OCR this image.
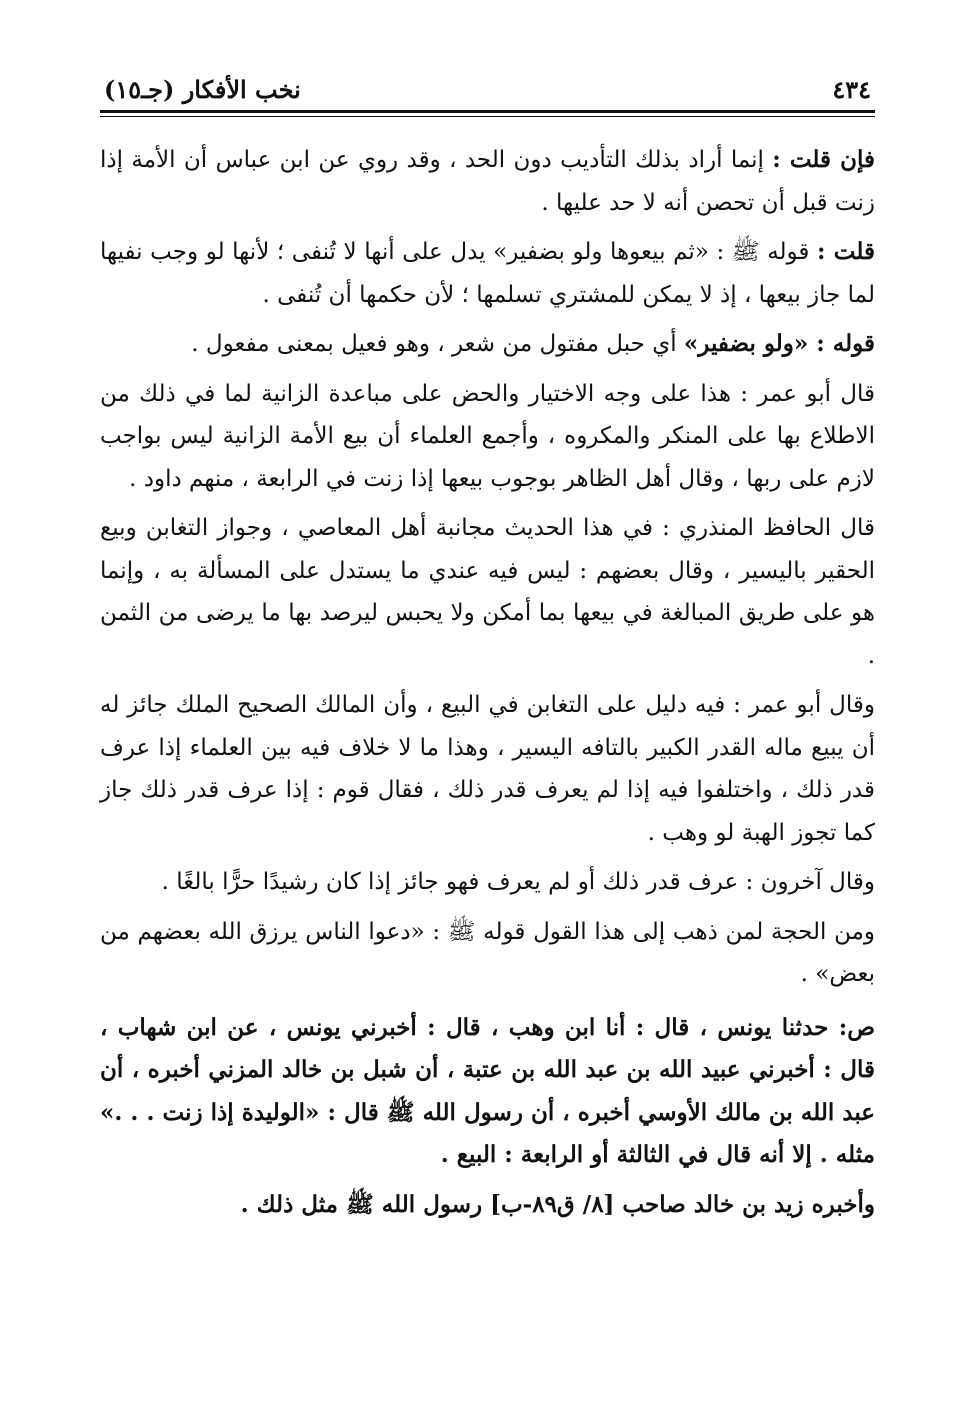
٤٣٤
نخب الأفكار (جـ١٥)

فإن قلت : إنما أراد بذلك التأديب دون الحد ، وقد روي عن ابن عباس أن الأمة إذا زنت قبل أن تحصن أنه لا حد عليها .

قلت : قوله ﷺ : «ثم بيعوها ولو بضفير» يدل على أنها لا تُنفى ؛ لأنها لو وجب نفيها لما جاز بيعها ، إذ لا يمكن للمشتري تسلمها ؛ لأن حكمها أن تُنفى .

قوله : «ولو بضفير» أي حبل مفتول من شعر ، وهو فعيل بمعنى مفعول .

قال أبو عمر : هذا على وجه الاختيار والحض على مباعدة الزانية لما في ذلك من الاطلاع بها على المنكر والمكروه ، وأجمع العلماء أن بيع الأمة الزانية ليس بواجب لازم على ربها ، وقال أهل الظاهر بوجوب بيعها إذا زنت في الرابعة ، منهم داود .

قال الحافظ المنذري : في هذا الحديث مجانبة أهل المعاصي ، وجواز التغابن وبيع الحقير باليسير ، وقال بعضهم : ليس فيه عندي ما يستدل على المسألة به ، وإنما هو على طريق المبالغة في بيعها بما أمكن ولا يحبس ليرصد بها ما يرضى من الثمن .

وقال أبو عمر : فيه دليل على التغابن في البيع ، وأن المالك الصحيح الملك جائز له أن يبيع ماله القدر الكبير بالتافه اليسير ، وهذا ما لا خلاف فيه بين العلماء إذا عرف قدر ذلك ، واختلفوا فيه إذا لم يعرف قدر ذلك ، فقال قوم : إذا عرف قدر ذلك جاز كما تجوز الهبة لو وهب .

وقال آخرون : عرف قدر ذلك أو لم يعرف فهو جائز إذا كان رشيدًا حرًّا بالغًا .

ومن الحجة لمن ذهب إلى هذا القول قوله ﷺ : «دعوا الناس يرزق الله بعضهم من بعض» .

ص: حدثنا يونس ، قال : أنا ابن وهب ، قال : أخبرني يونس ، عن ابن شهاب ، قال : أخبرني عبيد الله بن عبد الله بن عتبة ، أن شبل بن خالد المزني أخبره ، أن عبد الله بن مالك الأوسي أخبره ، أن رسول الله ﷺ قال : «الوليدة إذا زنت . . .» مثله . إلا أنه قال في الثالثة أو الرابعة : البيع .

وأخبره زيد بن خالد صاحب [٨/ ق٨٩-ب] رسول الله ﷺ مثل ذلك .
